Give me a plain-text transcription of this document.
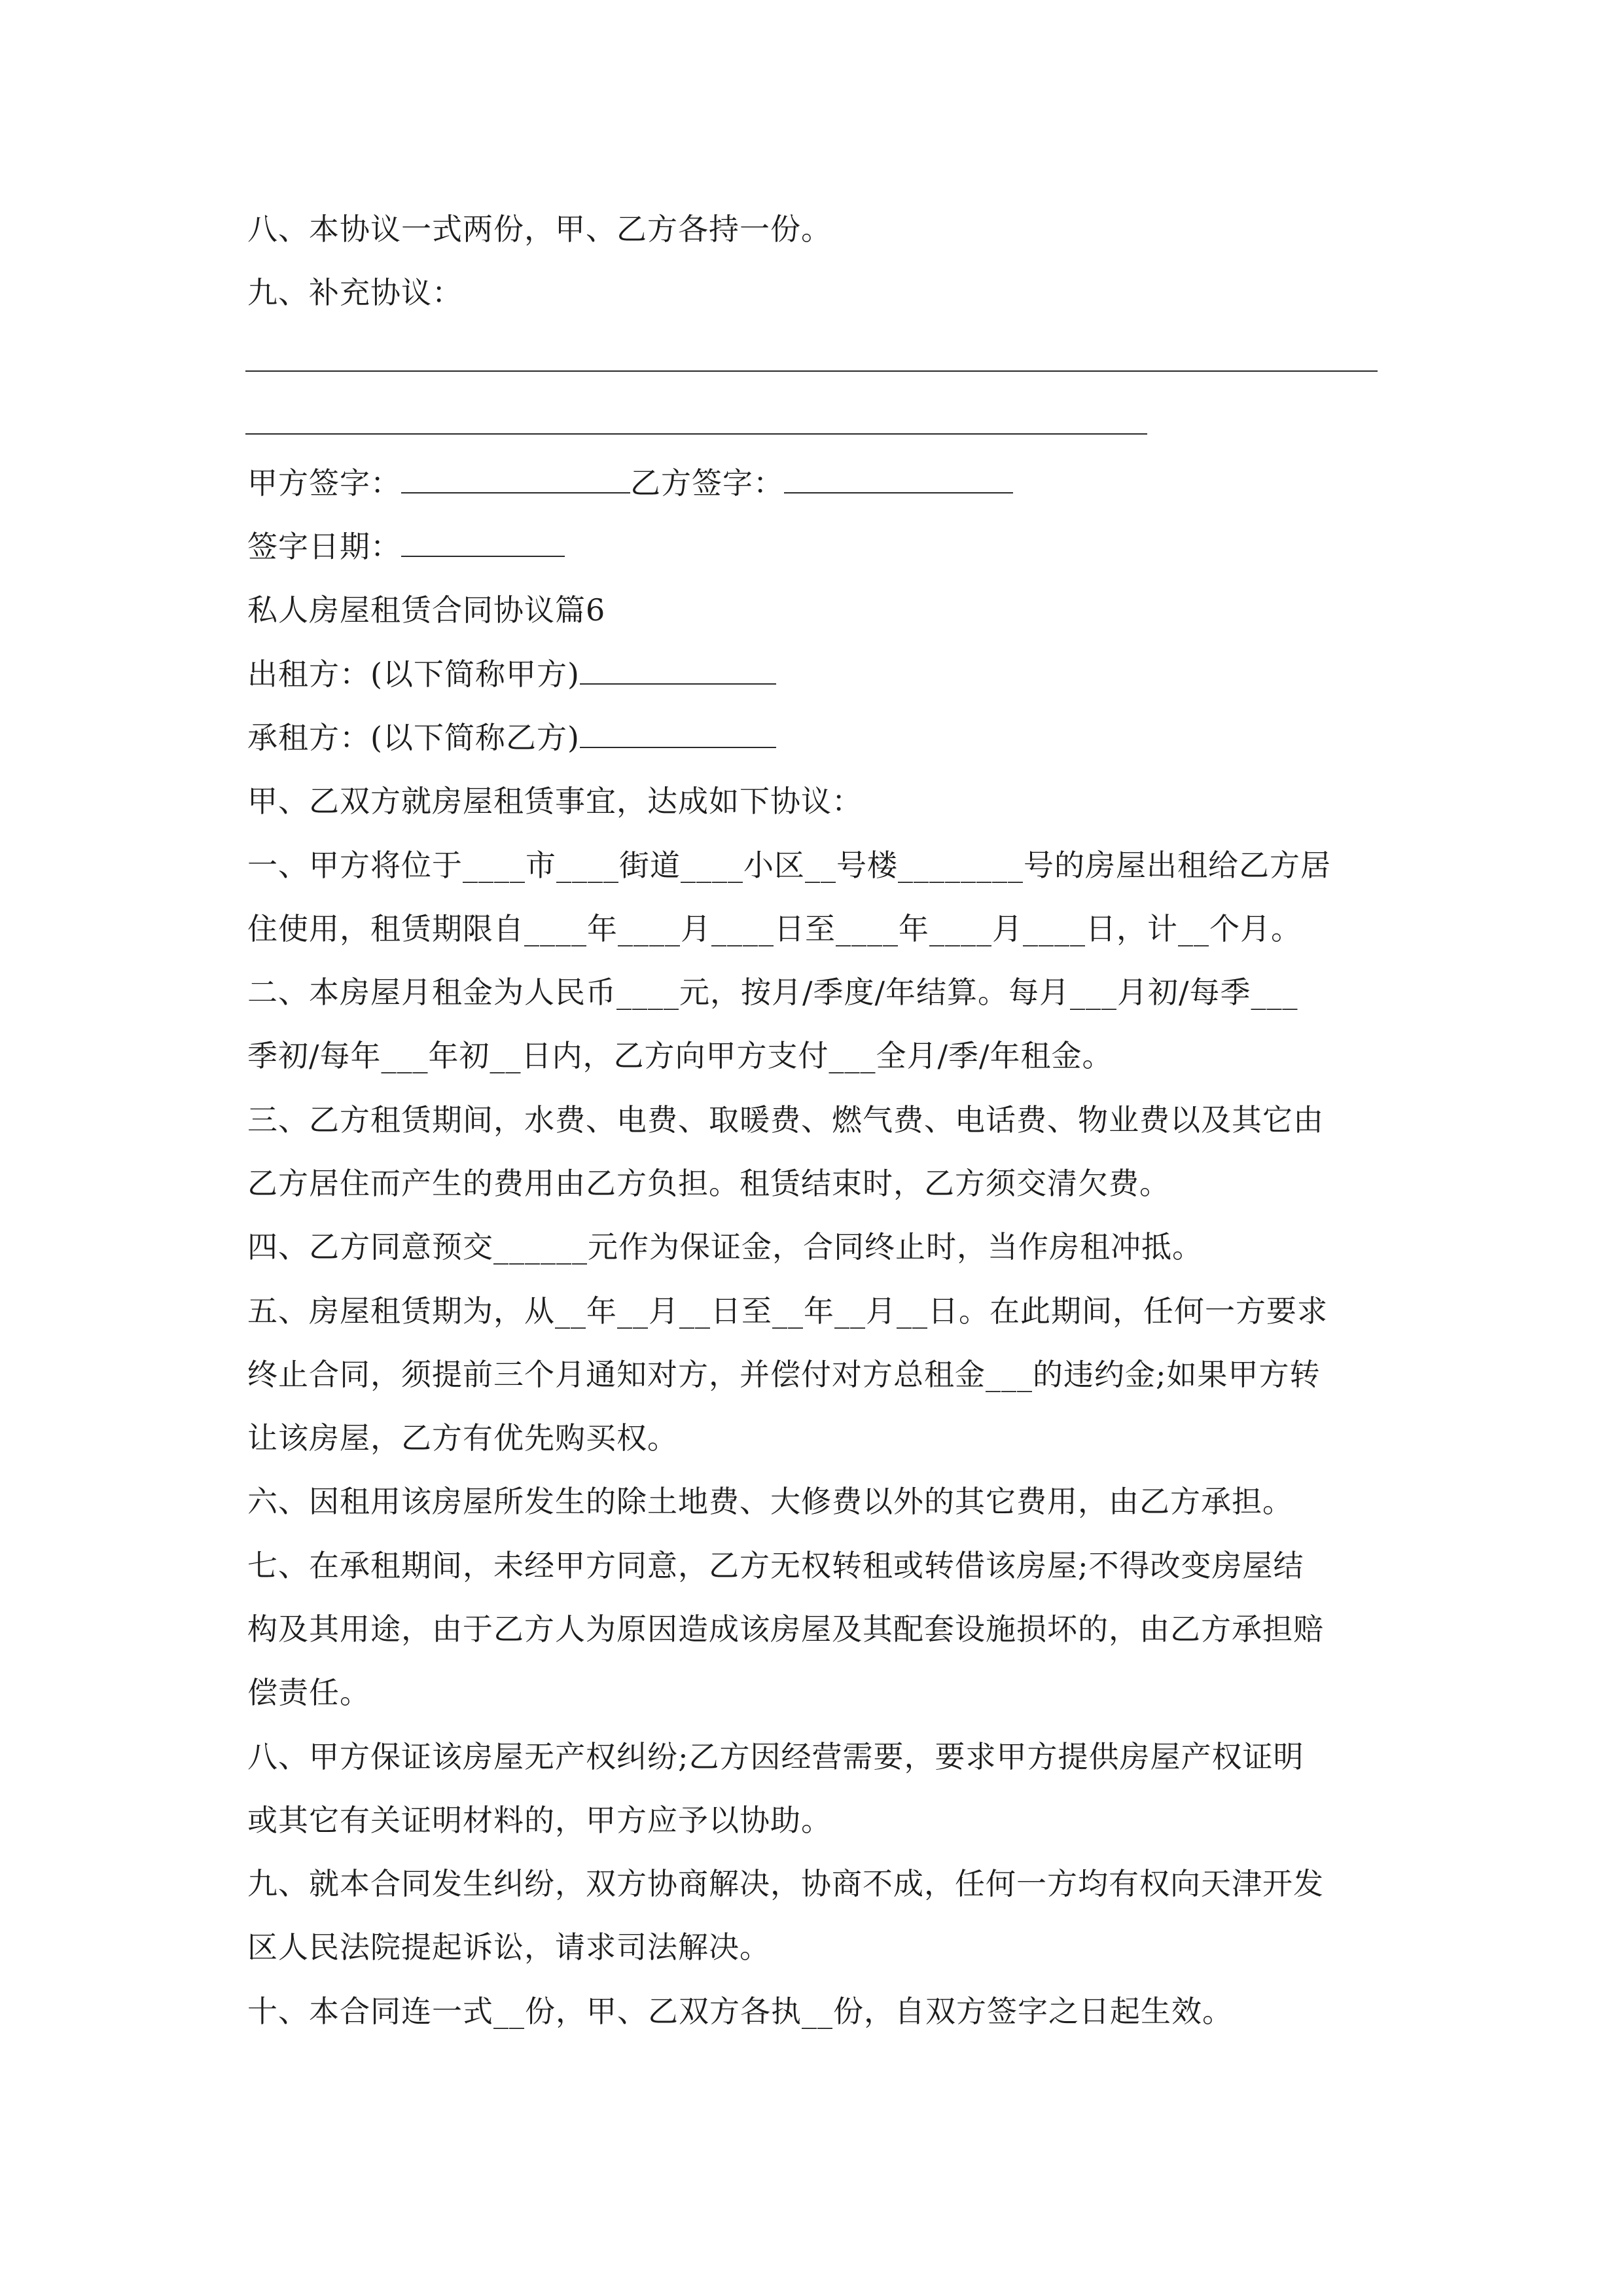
八、本协议一式两份，甲、乙方各持一份。
九、补充协议：
甲方签字：	乙方签字：
签字日期：
私人房屋租赁合同协议篇6
出租方：(以下简称甲方)
承租方：(以下简称乙方)
甲、乙双方就房屋租赁事宜，达成如下协议：
一、甲方将位于____市____街道____小区__号楼________号的房屋出租给乙方居
住使用，租赁期限自____年____月____日至____年____月____日，计__个月。
二、本房屋月租金为人民币____元，按月/季度/年结算。每月___月初/每季___
季初/每年___年初__日内，乙方向甲方支付___全月/季/年租金。
三、乙方租赁期间，水费、电费、取暖费、燃气费、电话费、物业费以及其它由
乙方居住而产生的费用由乙方负担。租赁结束时，乙方须交清欠费。
四、乙方同意预交______元作为保证金，合同终止时，当作房租冲抵。
五、房屋租赁期为，从__年__月__日至__年__月__日。在此期间，任何一方要求
终止合同，须提前三个月通知对方，并偿付对方总租金___的违约金;如果甲方转
让该房屋，乙方有优先购买权。
六、因租用该房屋所发生的除土地费、大修费以外的其它费用，由乙方承担。
七、在承租期间，未经甲方同意，乙方无权转租或转借该房屋;不得改变房屋结
构及其用途，由于乙方人为原因造成该房屋及其配套设施损坏的，由乙方承担赔
偿责任。
八、甲方保证该房屋无产权纠纷;乙方因经营需要，要求甲方提供房屋产权证明
或其它有关证明材料的，甲方应予以协助。
九、就本合同发生纠纷，双方协商解决，协商不成，任何一方均有权向天津开发
区人民法院提起诉讼，请求司法解决。
十、本合同连一式__份，甲、乙双方各执__份，自双方签字之日起生效。
